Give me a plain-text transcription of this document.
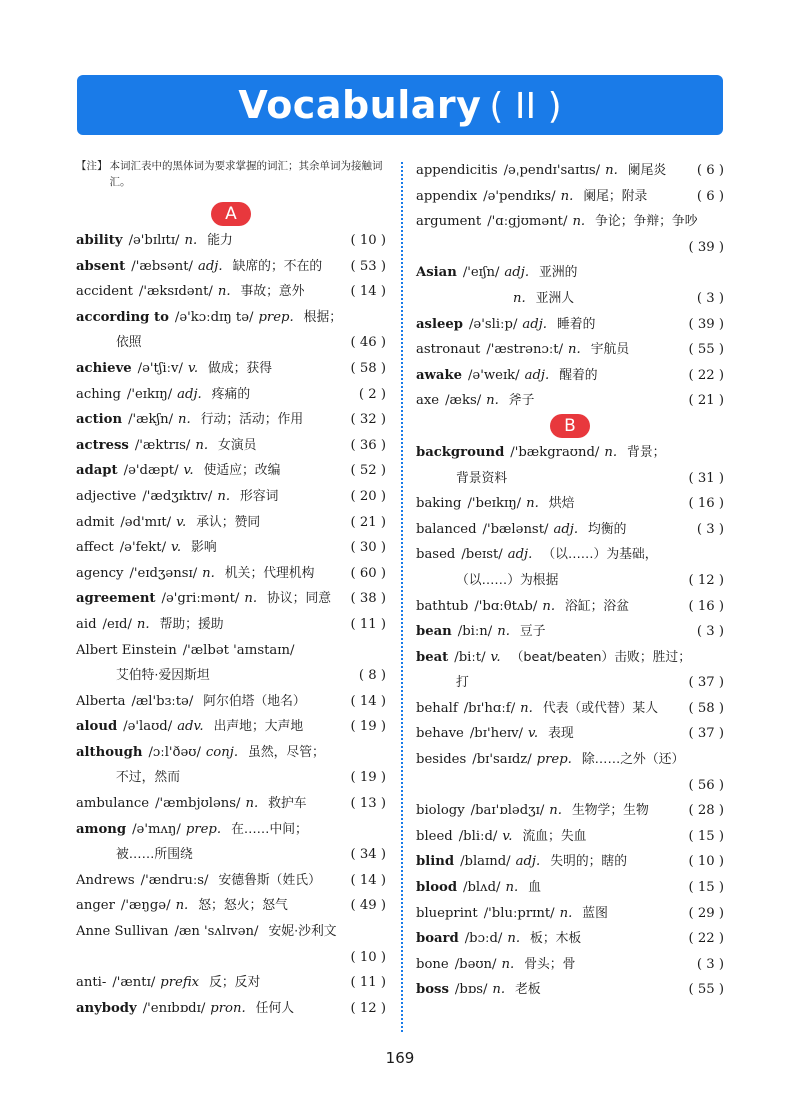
Vocabulary ( II )
【注】 本词汇表中的黑体词为要求掌握的词汇；其余单词为接触词汇。
A
ability /ə'bɪlɪtɪ/ n. 能力	( 10 )
absent /'æbsənt/ adj. 缺席的；不在的 ( 53 )
accident /'æksɪdənt/ n. 事故；意外	( 14 )
according to /ə'kɔːdɪŋ tə/ prep. 根据；
依照	( 46 )
achieve /ə'tʃiːv/ v. 做成；获得	( 58 )
aching /'eɪkɪŋ/ adj. 疼痛的	( 2 )
action /'ækʃn/ n. 行动；活动；作用	( 32 )
actress /'æktrɪs/ n. 女演员	( 36 )
adapt /ə'dæpt/ v. 使适应；改编	( 52 )
adjective /'ædʒɪktɪv/ n. 形容词	( 20 )
admit /əd'mɪt/ v. 承认；赞同	( 21 )
affect /ə'fekt/ v. 影响	( 30 )
agency /'eɪdʒənsɪ/ n. 机关；代理机构	( 60 )
agreement /ə'griːmənt/ n. 协议；同意 ( 38 )
aid /eɪd/ n. 帮助；援助	( 11 )
Albert Einstein /'ælbət 'aɪnstaɪn/
艾伯特·爱因斯坦	( 8 )
Alberta /æl'bɜːtə/ 阿尔伯塔（地名）	( 14 )
aloud /ə'laʊd/ adv. 出声地；大声地	( 19 )
although /ɔːl'ðəʊ/ conj. 虽然，尽管；
不过，然而	( 19 )
ambulance /'æmbjʊləns/ n. 救护车	( 13 )
among /ə'mʌŋ/ prep. 在……中间；
被……所围绕	( 34 )
Andrews /'ændruːs/ 安德鲁斯（姓氏） ( 14 )
anger /'æŋgə/ n. 怒；怒火；怒气	( 49 )
Anne Sullivan /æn 'sʌlɪvən/ 安妮·沙利文
( 10 )
anti- /'æntɪ/ prefix 反；反对	( 11 )
anybody /'enɪbɒdɪ/ pron. 任何人	( 12 )
appendicitis /əˌpendɪ'saɪtɪs/ n. 阑尾炎 ( 6 )
appendix /ə'pendɪks/ n. 阑尾；附录	( 6 )
argument /'ɑːgjʊmənt/ n. 争论；争辩；争吵
( 39 )
Asian /'eɪʃn/ adj. 亚洲的
n. 亚洲人	( 3 )
asleep /ə'sliːp/ adj. 睡着的	( 39 )
astronaut /'æstrənɔːt/ n. 宇航员	( 55 )
awake /ə'weɪk/ adj. 醒着的	( 22 )
axe /æks/ n. 斧子	( 21 )
B
background /'bækgraʊnd/ n. 背景；
背景资料	( 31 )
baking /'beɪkɪŋ/ n. 烘焙	( 16 )
balanced /'bælənst/ adj. 均衡的	( 3 )
based /beɪst/ adj. （以……）为基础，
（以……）为根据	( 12 )
bathtub /'bɑːθtʌb/ n. 浴缸；浴盆	( 16 )
bean /biːn/ n. 豆子	( 3 )
beat /biːt/ v. （beat/beaten）击败；胜过；
打	( 37 )
behalf /bɪ'hɑːf/ n. 代表（或代替）某人 ( 58 )
behave /bɪ'heɪv/ v. 表现	( 37 )
besides /bɪ'saɪdz/ prep. 除……之外（还）
( 56 )
biology /baɪ'ɒlədʒɪ/ n. 生物学；生物	( 28 )
bleed /bliːd/ v. 流血；失血	( 15 )
blind /blaɪnd/ adj. 失明的；瞎的	( 10 )
blood /blʌd/ n. 血	( 15 )
blueprint /'bluːprɪnt/ n. 蓝图	( 29 )
board /bɔːd/ n. 板；木板	( 22 )
bone /bəʊn/ n. 骨头；骨	( 3 )
boss /bɒs/ n. 老板	( 55 )
169
